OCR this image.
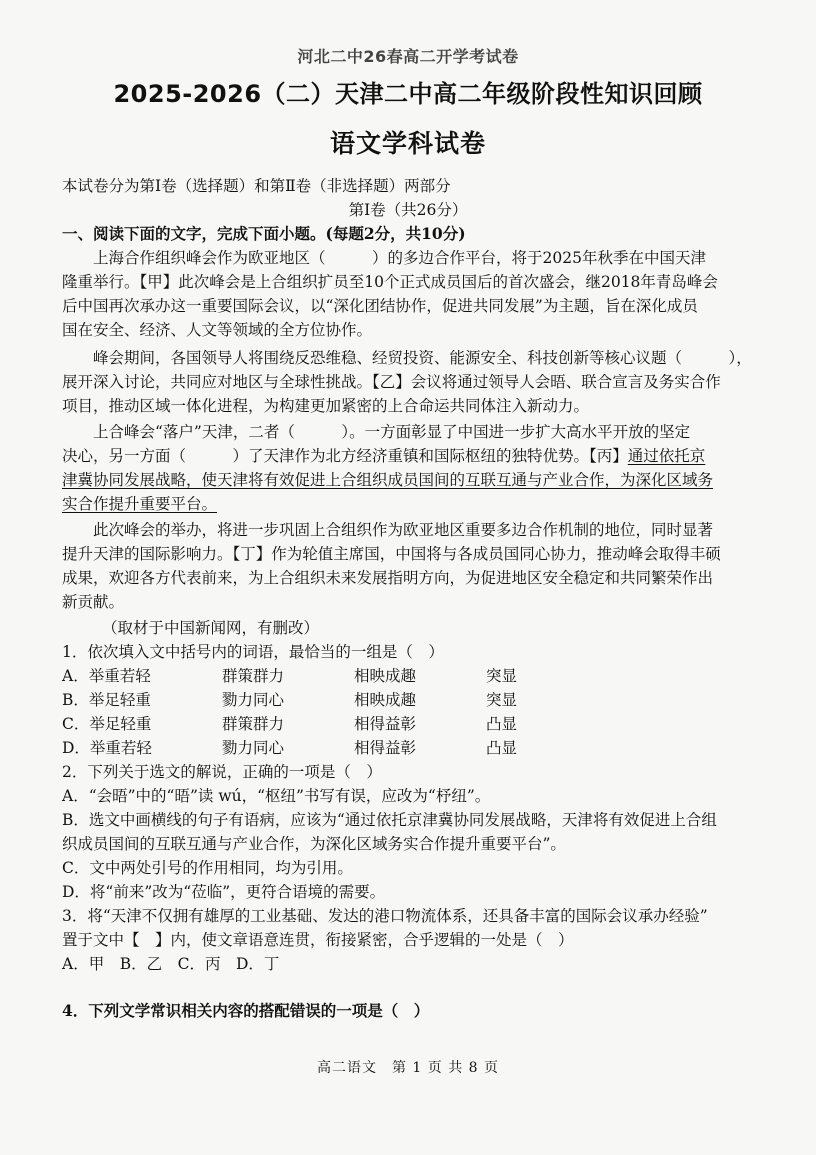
河北二中26春高二开学考试卷
2025-2026（二）天津二中高二年级阶段性知识回顾
语文学科试卷
本试卷分为第Ⅰ卷（选择题）和第Ⅱ卷（非选择题）两部分
第Ⅰ卷（共26分）
一、阅读下面的文字，完成下面小题。(每题2分，共10分)
上海合作组织峰会作为欧亚地区（　　　）的多边合作平台，将于2025年秋季在中国天津
隆重举行。【甲】此次峰会是上合组织扩员至10个正式成员国后的首次盛会，继2018年青岛峰会
后中国再次承办这一重要国际会议，以“深化团结协作，促进共同发展”为主题，旨在深化成员
国在安全、经济、人文等领域的全方位协作。
峰会期间，各国领导人将围绕反恐维稳、经贸投资、能源安全、科技创新等核心议题（　　　），
展开深入讨论，共同应对地区与全球性挑战。【乙】会议将通过领导人会晤、联合宣言及务实合作
项目，推动区域一体化进程，为构建更加紧密的上合命运共同体注入新动力。
上合峰会“落户”天津，二者（　　　）。一方面彰显了中国进一步扩大高水平开放的坚定
决心，另一方面（　　　）了天津作为北方经济重镇和国际枢纽的独特优势。【丙】通过依托京
津冀协同发展战略，使天津将有效促进上合组织成员国间的互联互通与产业合作，为深化区域务
实合作提升重要平台。
此次峰会的举办，将进一步巩固上合组织作为欧亚地区重要多边合作机制的地位，同时显著
提升天津的国际影响力。【丁】作为轮值主席国，中国将与各成员国同心协力，推动峰会取得丰硕
成果，欢迎各方代表前来，为上合组织未来发展指明方向，为促进地区安全稳定和共同繁荣作出
新贡献。
（取材于中国新闻网，有删改）
1．依次填入文中括号内的词语，最恰当的一组是（　）
A．举重若轻	群策群力	相映成趣	突显
B．举足轻重	勠力同心	相映成趣	突显
C．举足轻重	群策群力	相得益彰	凸显
D．举重若轻	勠力同心	相得益彰	凸显
2．下列关于选文的解说，正确的一项是（　）
A．“会晤”中的“晤”读 wú，“枢纽”书写有误，应改为“杼纽”。
B．选文中画横线的句子有语病，应该为“通过依托京津冀协同发展战略，天津将有效促进上合组
织成员国间的互联互通与产业合作，为深化区域务实合作提升重要平台”。
C．文中两处引号的作用相同，均为引用。
D．将“前来”改为“莅临”，更符合语境的需要。
3．将“天津不仅拥有雄厚的工业基础、发达的港口物流体系，还具备丰富的国际会议承办经验”
置于文中【　】内，使文章语意连贯，衔接紧密，合乎逻辑的一处是（　）
A．甲　B．乙　C．丙　D．丁
4．下列文学常识相关内容的搭配错误的一项是（　）
高二语文　第 1 页 共 8 页
